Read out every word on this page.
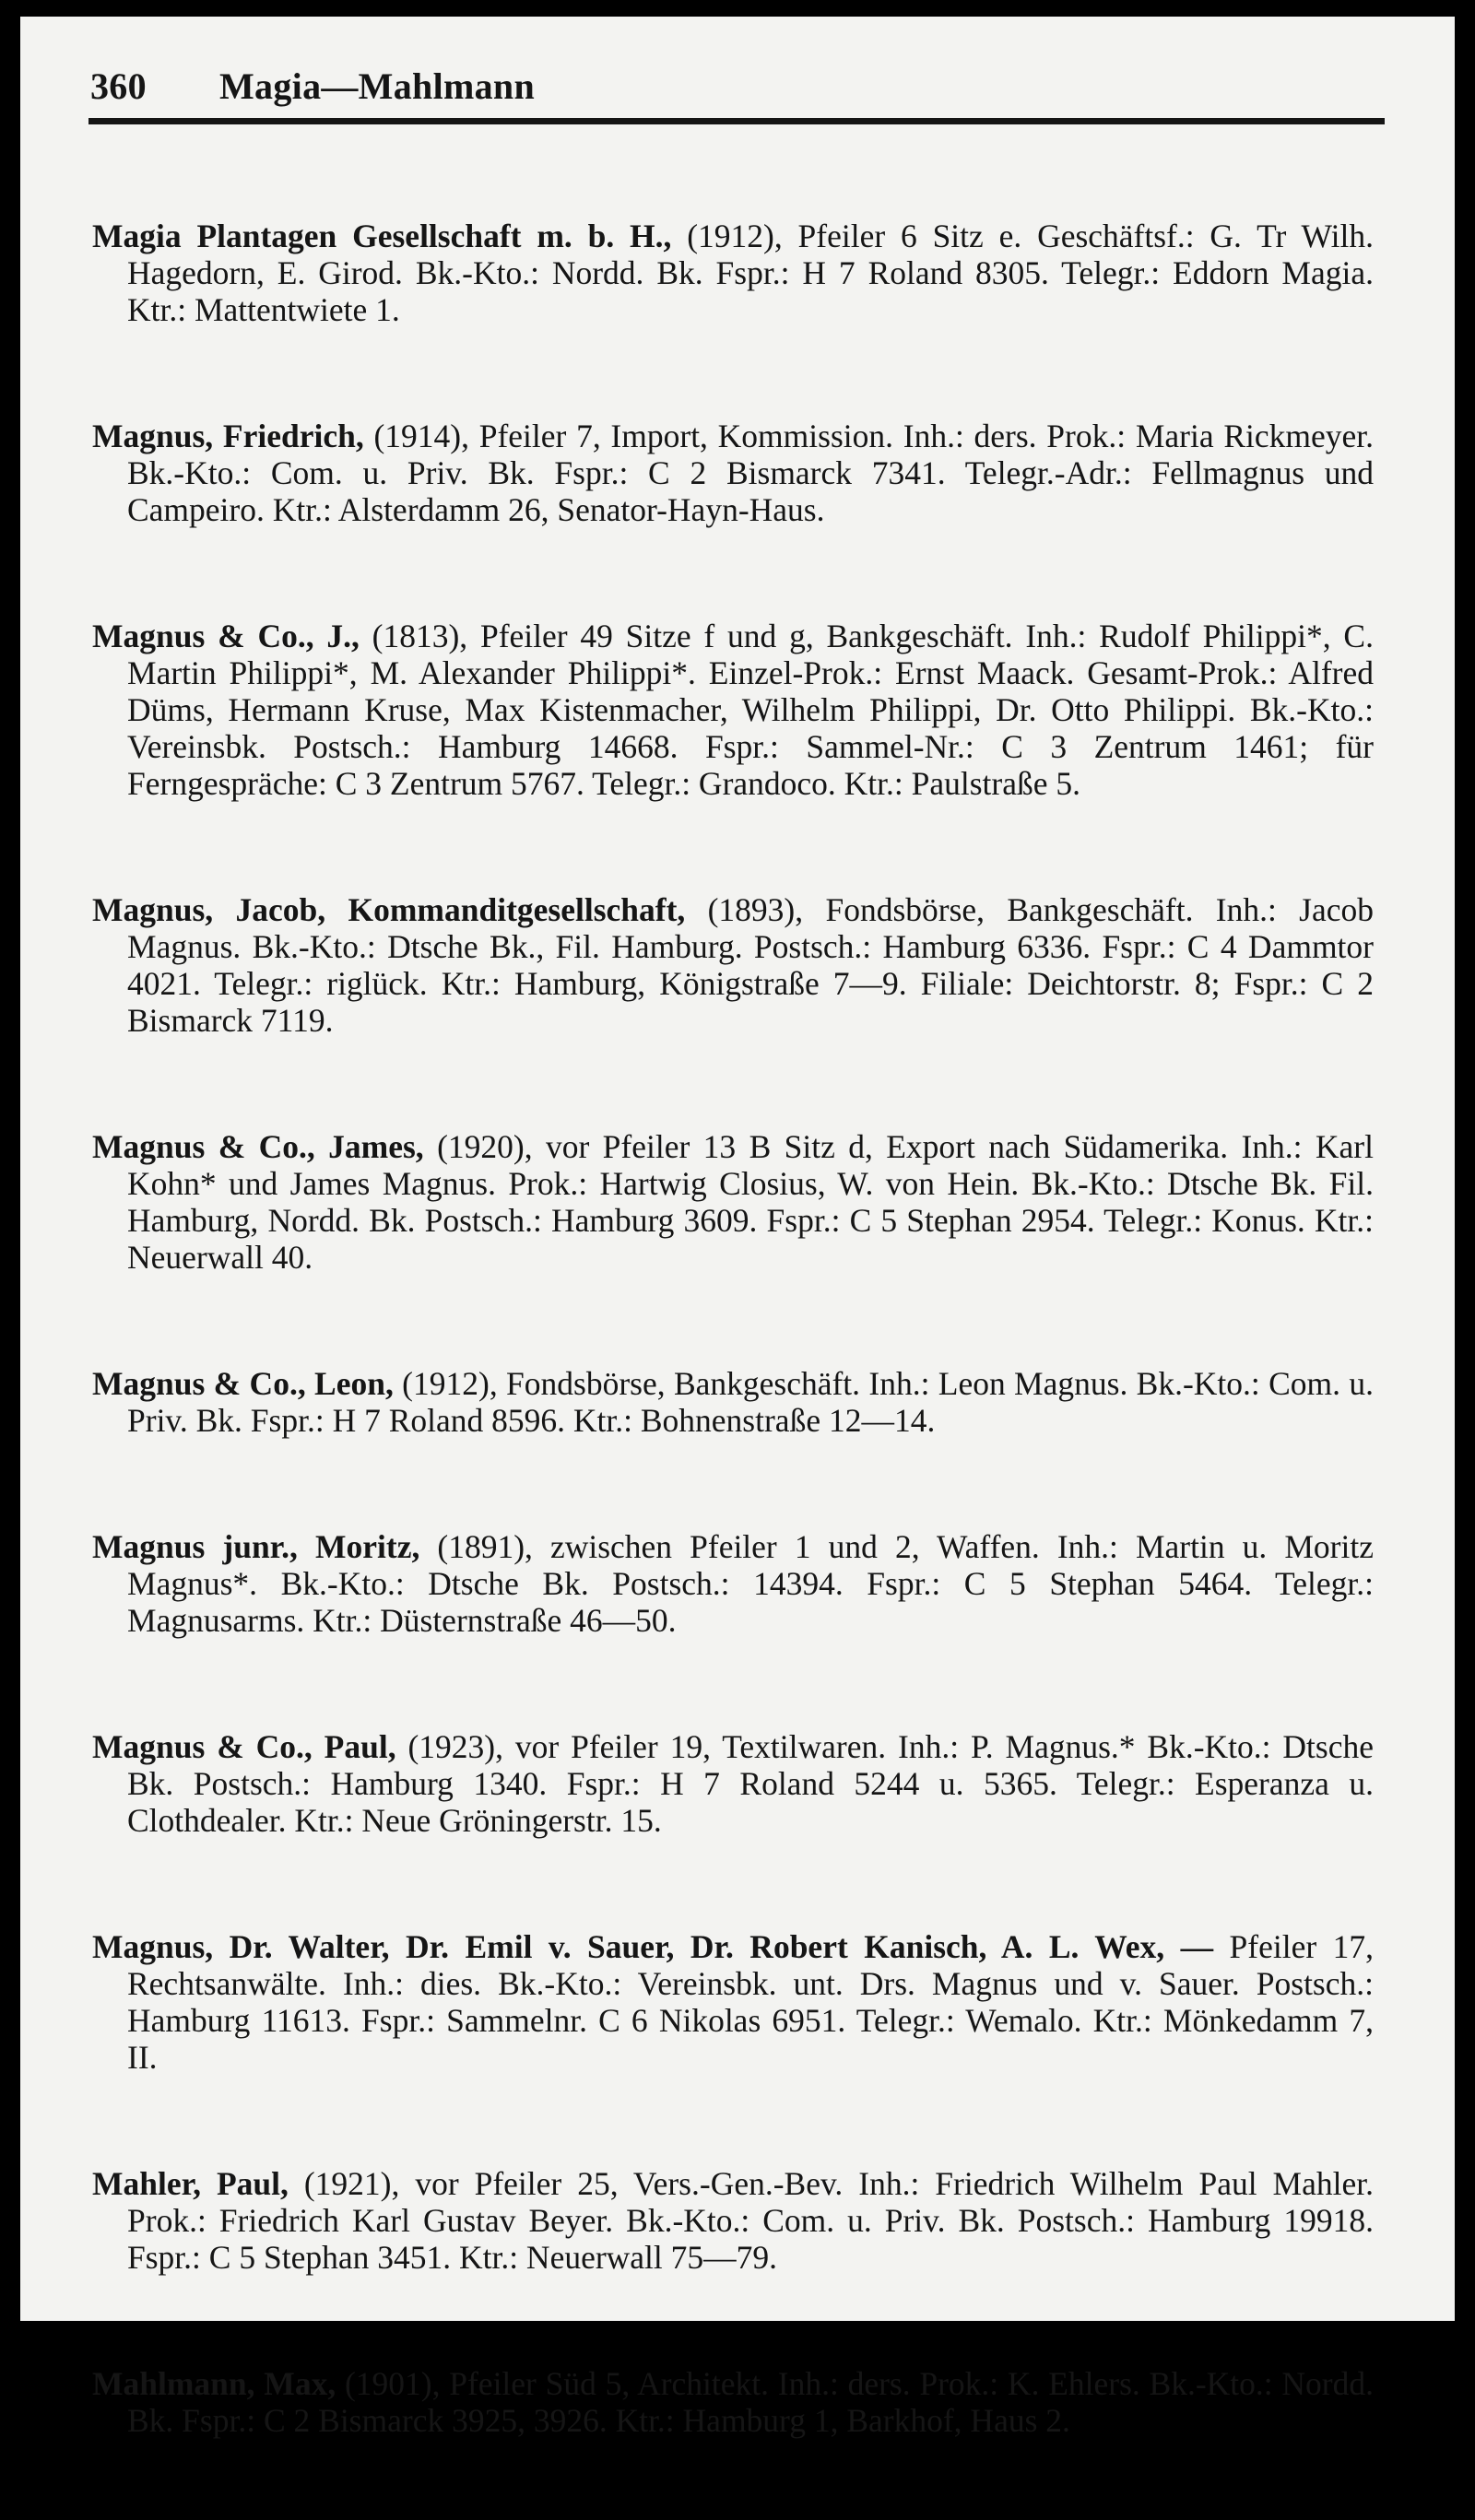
360 Magia—Mahlmann

Magia Plantagen Gesellschaft m. b. H., (1912), Pfeiler 6 Sitz e. Geschäftsf.: G. Tr Wilh. Hagedorn, E. Girod. Bk.-Kto.: Nordd. Bk. Fspr.: H 7 Roland 8305. Telegr.: Eddorn Magia. Ktr.: Mattentwiete 1.

Magnus, Friedrich, (1914), Pfeiler 7, Import, Kommission. Inh.: ders. Prok.: Maria Rickmeyer. Bk.-Kto.: Com. u. Priv. Bk. Fspr.: C 2 Bismarck 7341. Telegr.-Adr.: Fellmagnus und Campeiro. Ktr.: Alsterdamm 26, Senator-Hayn-Haus.

Magnus & Co., J., (1813), Pfeiler 49 Sitze f und g, Bankgeschäft. Inh.: Rudolf Philippi*, C. Martin Philippi*, M. Alexander Philippi*. Einzel-Prok.: Ernst Maack. Gesamt-Prok.: Alfred Düms, Hermann Kruse, Max Kistenmacher, Wilhelm Philippi, Dr. Otto Philippi. Bk.-Kto.: Vereinsbk. Postsch.: Hamburg 14668. Fspr.: Sammel-Nr.: C 3 Zentrum 1461; für Ferngespräche: C 3 Zentrum 5767. Telegr.: Grandoco. Ktr.: Paulstraße 5.

Magnus, Jacob, Kommanditgesellschaft, (1893), Fondsbörse, Bankgeschäft. Inh.: Jacob Magnus. Bk.-Kto.: Dtsche Bk., Fil. Hamburg. Postsch.: Hamburg 6336. Fspr.: C 4 Dammtor 4021. Telegr.: riglück. Ktr.: Hamburg, Königstraße 7—9. Filiale: Deichtorstr. 8; Fspr.: C 2 Bismarck 7119.

Magnus & Co., James, (1920), vor Pfeiler 13 B Sitz d, Export nach Südamerika. Inh.: Karl Kohn* und James Magnus. Prok.: Hartwig Closius, W. von Hein. Bk.-Kto.: Dtsche Bk. Fil. Hamburg, Nordd. Bk. Postsch.: Hamburg 3609. Fspr.: C 5 Stephan 2954. Telegr.: Konus. Ktr.: Neuerwall 40.

Magnus & Co., Leon, (1912), Fondsbörse, Bankgeschäft. Inh.: Leon Magnus. Bk.-Kto.: Com. u. Priv. Bk. Fspr.: H 7 Roland 8596. Ktr.: Bohnenstraße 12—14.

Magnus junr., Moritz, (1891), zwischen Pfeiler 1 und 2, Waffen. Inh.: Martin u. Moritz Magnus*. Bk.-Kto.: Dtsche Bk. Postsch.: 14394. Fspr.: C 5 Stephan 5464. Telegr.: Magnusarms. Ktr.: Düsternstraße 46—50.

Magnus & Co., Paul, (1923), vor Pfeiler 19, Textilwaren. Inh.: P. Magnus.* Bk.-Kto.: Dtsche Bk. Postsch.: Hamburg 1340. Fspr.: H 7 Roland 5244 u. 5365. Telegr.: Esperanza u. Clothdealer. Ktr.: Neue Gröningerstr. 15.

Magnus, Dr. Walter, Dr. Emil v. Sauer, Dr. Robert Kanisch, A. L. Wex, — Pfeiler 17, Rechtsanwälte. Inh.: dies. Bk.-Kto.: Vereinsbk. unt. Drs. Magnus und v. Sauer. Postsch.: Hamburg 11613. Fspr.: Sammelnr. C 6 Nikolas 6951. Telegr.: Wemalo. Ktr.: Mönkedamm 7, II.

Mahler, Paul, (1921), vor Pfeiler 25, Vers.-Gen.-Bev. Inh.: Friedrich Wilhelm Paul Mahler. Prok.: Friedrich Karl Gustav Beyer. Bk.-Kto.: Com. u. Priv. Bk. Postsch.: Hamburg 19918. Fspr.: C 5 Stephan 3451. Ktr.: Neuerwall 75—79.

Mahlmann, Max, (1901), Pfeiler Süd 5, Architekt. Inh.: ders. Prok.: K. Ehlers. Bk.-Kto.: Nordd. Bk. Fspr.: C 2 Bismarck 3925, 3926. Ktr.: Hamburg 1, Barkhof, Haus 2.
